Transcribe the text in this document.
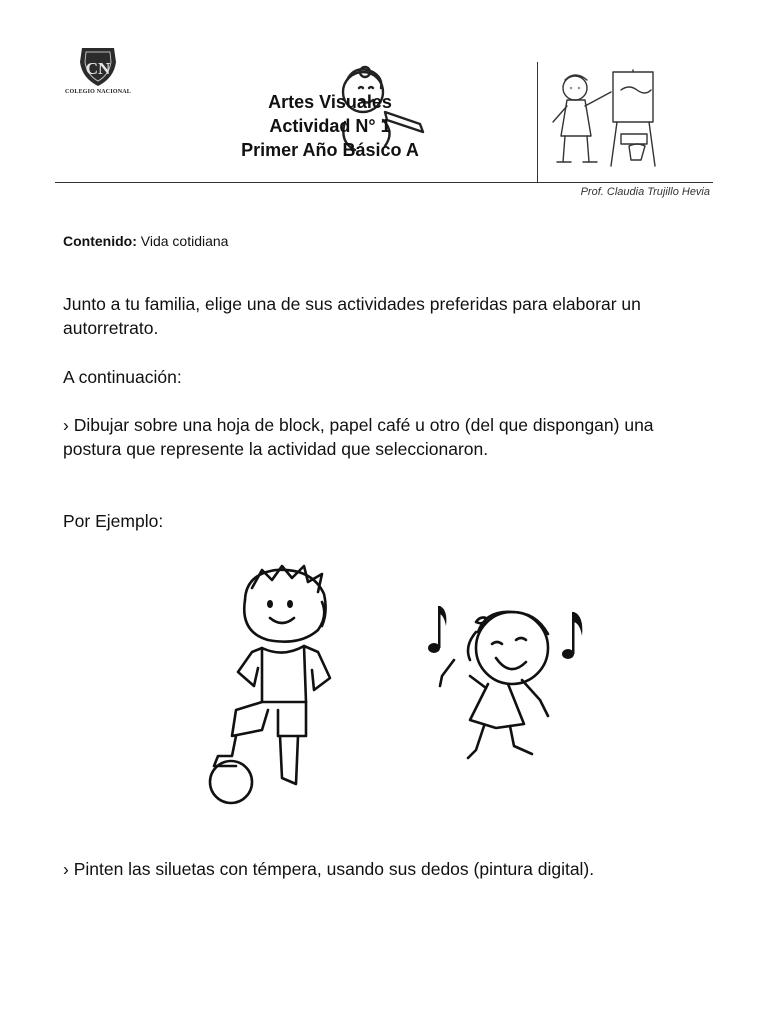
CN
COLEGIO NACIONAL	Artes Visuales
Actividad N° 1
Primer Año Básico A
Prof. Claudia Trujillo Hevia
Contenido: Vida cotidiana
Junto a tu familia, elige una de sus actividades preferidas para elaborar un autorretrato.
A continuación:
› Dibujar sobre una hoja de block, papel café u otro (del que dispongan) una postura que represente la actividad que seleccionaron.
Por Ejemplo:
› Pinten las siluetas con témpera, usando sus dedos (pintura digital).
